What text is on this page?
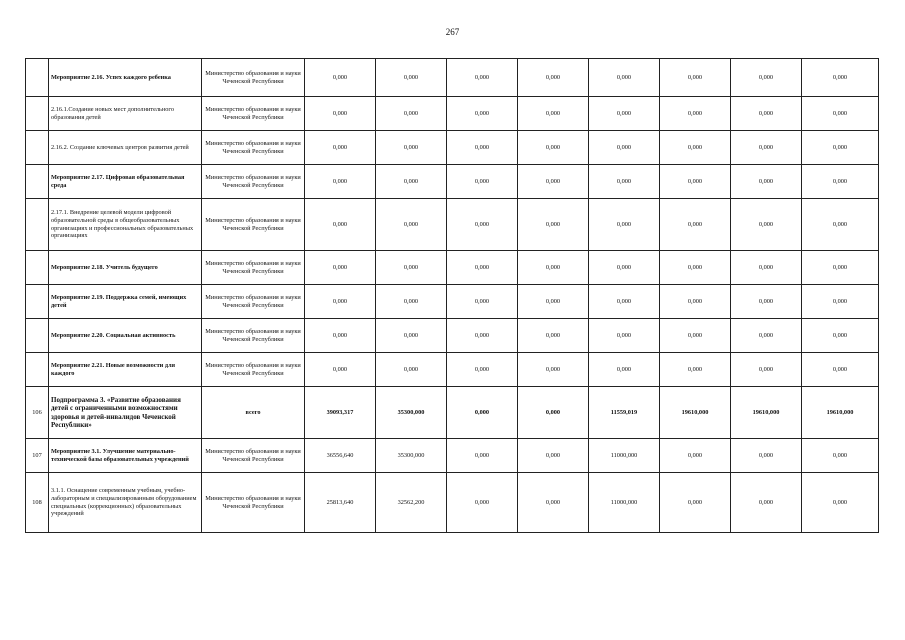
267
	Мероприятие 2.16. Успех каждого ребенка	Министерство образования и науки Чеченской Республики	0,000	0,000	0,000	0,000	0,000	0,000	0,000	0,000
	2.16.1.Создание новых мест дополнительного образования детей	Министерство образования и науки Чеченской Республики	0,000	0,000	0,000	0,000	0,000	0,000	0,000	0,000
	2.16.2. Создание ключевых центров развития детей	Министерство образования и науки Чеченской Республики	0,000	0,000	0,000	0,000	0,000	0,000	0,000	0,000
	Мероприятие 2.17. Цифровая образовательная среда	Министерство образования и науки Чеченской Республики	0,000	0,000	0,000	0,000	0,000	0,000	0,000	0,000
	2.17.1. Внедрение целевой модели цифровой образовательной среды в общеобразовательных организациях и профессиональных образовательных организациях	Министерство образования и науки Чеченской Республики	0,000	0,000	0,000	0,000	0,000	0,000	0,000	0,000
	Мероприятие 2.18. Учитель будущего	Министерство образования и науки Чеченской Республики	0,000	0,000	0,000	0,000	0,000	0,000	0,000	0,000
	Мероприятие 2.19. Поддержка семей, имеющих детей	Министерство образования и науки Чеченской Республики	0,000	0,000	0,000	0,000	0,000	0,000	0,000	0,000
	Мероприятие 2.20. Социальная активность	Министерство образования и науки Чеченской Республики	0,000	0,000	0,000	0,000	0,000	0,000	0,000	0,000
	Мероприятие 2.21. Новые возможности для каждого	Министерство образования и науки Чеченской Республики	0,000	0,000	0,000	0,000	0,000	0,000	0,000	0,000
106	Подпрограмма 3. «Развитие образования детей с ограниченными возможностями здоровья и детей-инвалидов Чеченской Республики»	всего	39093,317	35300,000	0,000	0,000	11559,019	19610,000	19610,000	19610,000
107	Мероприятие 3.1. Улучшение материально-технической базы образовательных учреждений	Министерство образования и науки Чеченской Республики	36556,640	35300,000	0,000	0,000	11000,000	0,000	0,000	0,000
108	3.1.1. Оснащение современным учебным, учебно-лабораторным и специализированным оборудованием специальных (коррекционных) образовательных учреждений	Министерство образования и науки Чеченской Республики	25813,640	32562,200	0,000	0,000	11000,000	0,000	0,000	0,000
